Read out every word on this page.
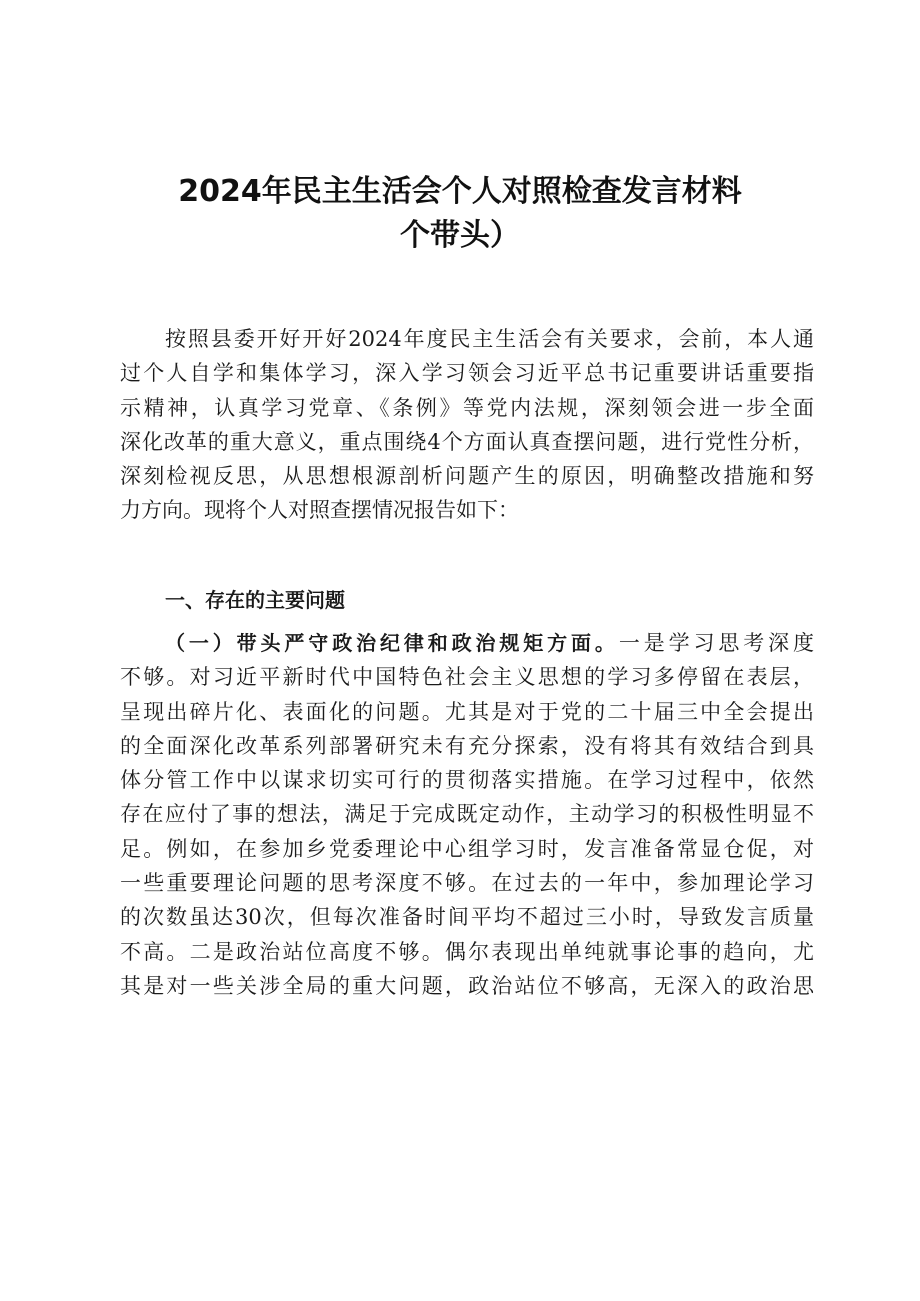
2024年民主生活会个人对照检查发言材料
个带头）
按照县委开好开好2024年度民主生活会有关要求，会前，本人通
过个人自学和集体学习，深入学习领会习近平总书记重要讲话重要指
示精神，认真学习党章、《条例》等党内法规，深刻领会进一步全面
深化改革的重大意义，重点围绕4个方面认真查摆问题，进行党性分析，
深刻检视反思，从思想根源剖析问题产生的原因，明确整改措施和努
力方向。现将个人对照查摆情况报告如下：
一、存在的主要问题
（一）带头严守政治纪律和政治规矩方面。一是学习思考深度
不够。对习近平新时代中国特色社会主义思想的学习多停留在表层，
呈现出碎片化、表面化的问题。尤其是对于党的二十届三中全会提出
的全面深化改革系列部署研究未有充分探索，没有将其有效结合到具
体分管工作中以谋求切实可行的贯彻落实措施。在学习过程中，依然
存在应付了事的想法，满足于完成既定动作，主动学习的积极性明显不
足。例如，在参加乡党委理论中心组学习时，发言准备常显仓促，对
一些重要理论问题的思考深度不够。在过去的一年中，参加理论学习
的次数虽达30次，但每次准备时间平均不超过三小时，导致发言质量
不高。二是政治站位高度不够。偶尔表现出单纯就事论事的趋向，尤
其是对一些关涉全局的重大问题，政治站位不够高，无深入的政治思
